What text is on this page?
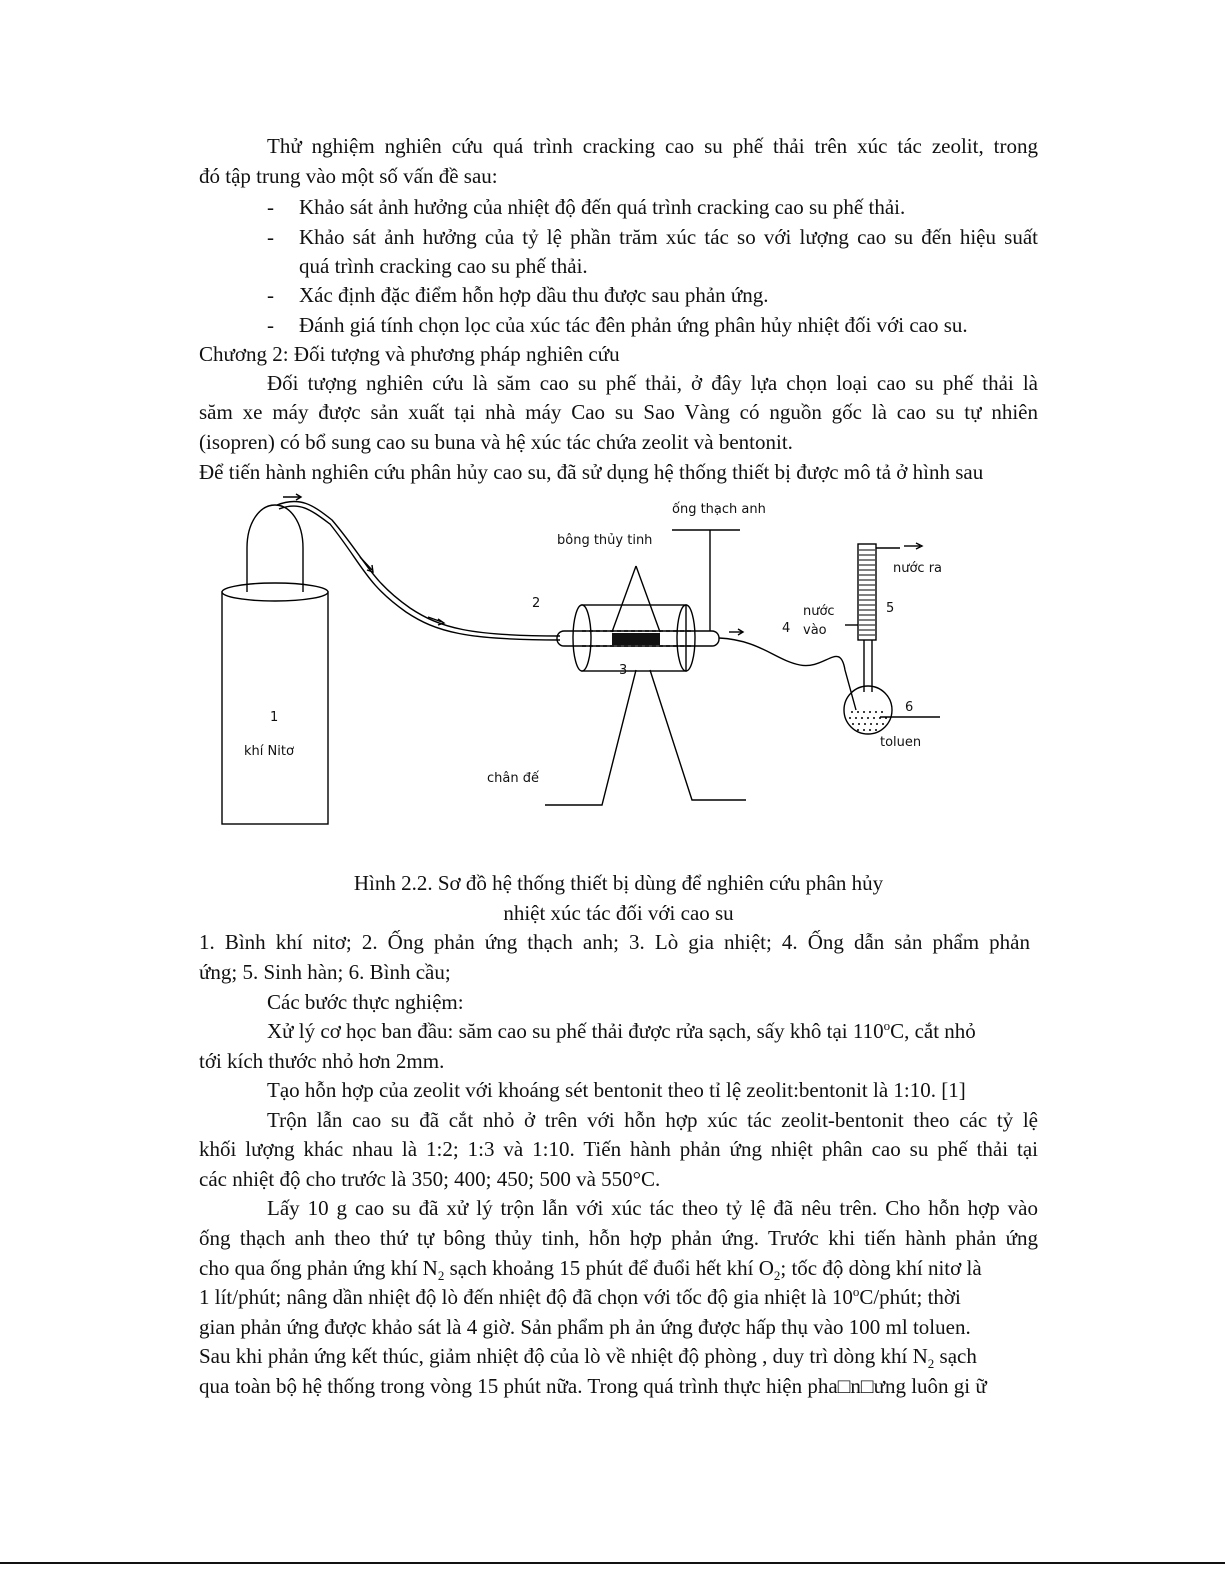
Thử nghiệm nghiên cứu quá trình cracking cao su phế thải trên xúc tác zeolit, trong
đó tập trung vào một số vấn đề sau:
- Khảo sát ảnh hưởng của nhiệt độ đến quá trình cracking cao su phế thải.
- Khảo sát ảnh hưởng của tỷ lệ phần trăm xúc tác so với lượng cao su đến hiệu suất
quá trình cracking cao su phế thải.
- Xác định đặc điểm hỗn hợp dầu thu được sau phản ứng.
- Đánh giá tính chọn lọc của xúc tác đên phản ứng phân hủy nhiệt đối với cao su.
Chương 2: Đối tượng và phương pháp nghiên cứu
Đối tượng nghiên cứu là săm cao su phế thải, ở đây lựa chọn loại cao su phế thải là
săm xe máy được sản xuất tại nhà máy Cao su Sao Vàng có nguồn gốc là cao su tự nhiên
(isopren) có bổ sung cao su buna và hệ xúc tác chứa zeolit và bentonit.
Để tiến hành nghiên cứu phân hủy cao su, đã sử dụng hệ thống thiết bị được mô tả ở hình sau
ống thạch anh
bông thủy tinh
nước ra
nước
vào
toluen
chân đế
khí Nitơ
1
2
3
4
5
6
Hình 2.2. Sơ đồ hệ thống thiết bị dùng để nghiên cứu phân hủy
nhiệt xúc tác đối với cao su
1. Bình khí nitơ; 2. Ống phản ứng thạch anh; 3. Lò gia nhiệt; 4. Ống dẫn sản phẩm phản
ứng; 5. Sinh hàn; 6. Bình cầu;
Các bước thực nghiệm:
Xử lý cơ học ban đầu: săm cao su phế thải được rửa sạch, sấy khô tại 110$^o$C, cắt nhỏ
tới kích thước nhỏ hơn 2mm.
Tạo hỗn hợp của zeolit với khoáng sét bentonit theo tỉ lệ zeolit:bentonit là 1:10. [1]
Trộn lẫn cao su đã cắt nhỏ ở trên với hỗn hợp xúc tác zeolit-bentonit theo các tỷ lệ
khối lượng khác nhau là 1:2; 1:3 và 1:10. Tiến hành phản ứng nhiệt phân cao su phế thải tại
các nhiệt độ cho trước là 350; 400; 450; 500 và 550°C.
Lấy 10 g cao su đã xử lý trộn lẫn với xúc tác theo tỷ lệ đã nêu trên. Cho hỗn hợp vào
ống thạch anh theo thứ tự bông thủy tinh, hỗn hợp phản ứng. Trước khi tiến hành phản ứng
cho qua ống phản ứng khí $N_2$ sạch khoảng 15 phút để đuổi hết khí $O_2$; tốc độ dòng khí nitơ là
1 lít/phút; nâng dần nhiệt độ lò đến nhiệt độ đã chọn với tốc độ gia nhiệt là 10$^o$C/phút; thời
gian phản ứng được khảo sát là 4 giờ. Sản phẩm ph ản ứng được hấp thụ vào 100 ml toluen.
Sau khi phản ứng kết thúc, giảm nhiệt độ của lò về nhiệt độ phòng , duy trì dòng khí $N_2$ sạch
qua toàn bộ hệ thống trong vòng 15 phút nữa. Trong quá trình thực hiện pha□n□ưng luôn gi ữ
